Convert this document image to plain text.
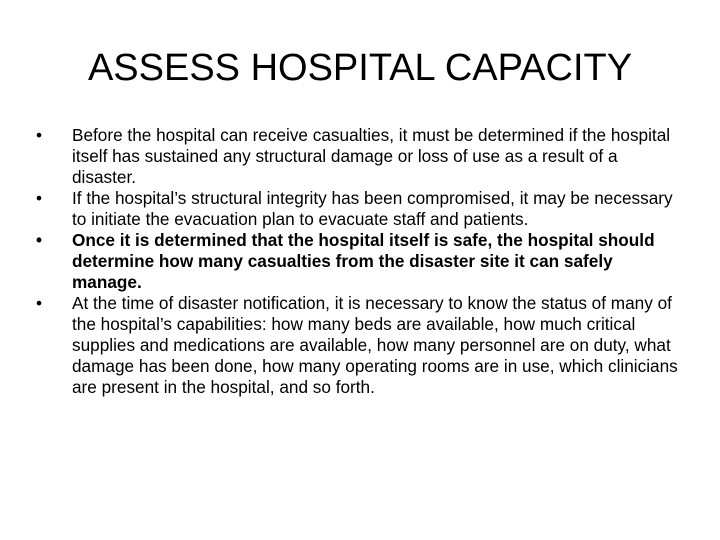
ASSESS HOSPITAL CAPACITY
•	Before the hospital can receive casualties, it must be determined if the hospital itself has sustained any structural damage or loss of use as a result of a disaster.
•	If the hospital’s structural integrity has been compromised, it may be necessary to initiate the evacuation plan to evacuate staff and patients.
•	Once it is determined that the hospital itself is safe, the hospital should determine how many casualties from the disaster site it can safely manage.
•	At the time of disaster notification, it is necessary to know the status of many of the hospital’s capabilities: how many beds are available, how much critical supplies and medications are available, how many personnel are on duty, what damage has been done, how many operating rooms are in use, which clinicians are present in the hospital, and so forth.
